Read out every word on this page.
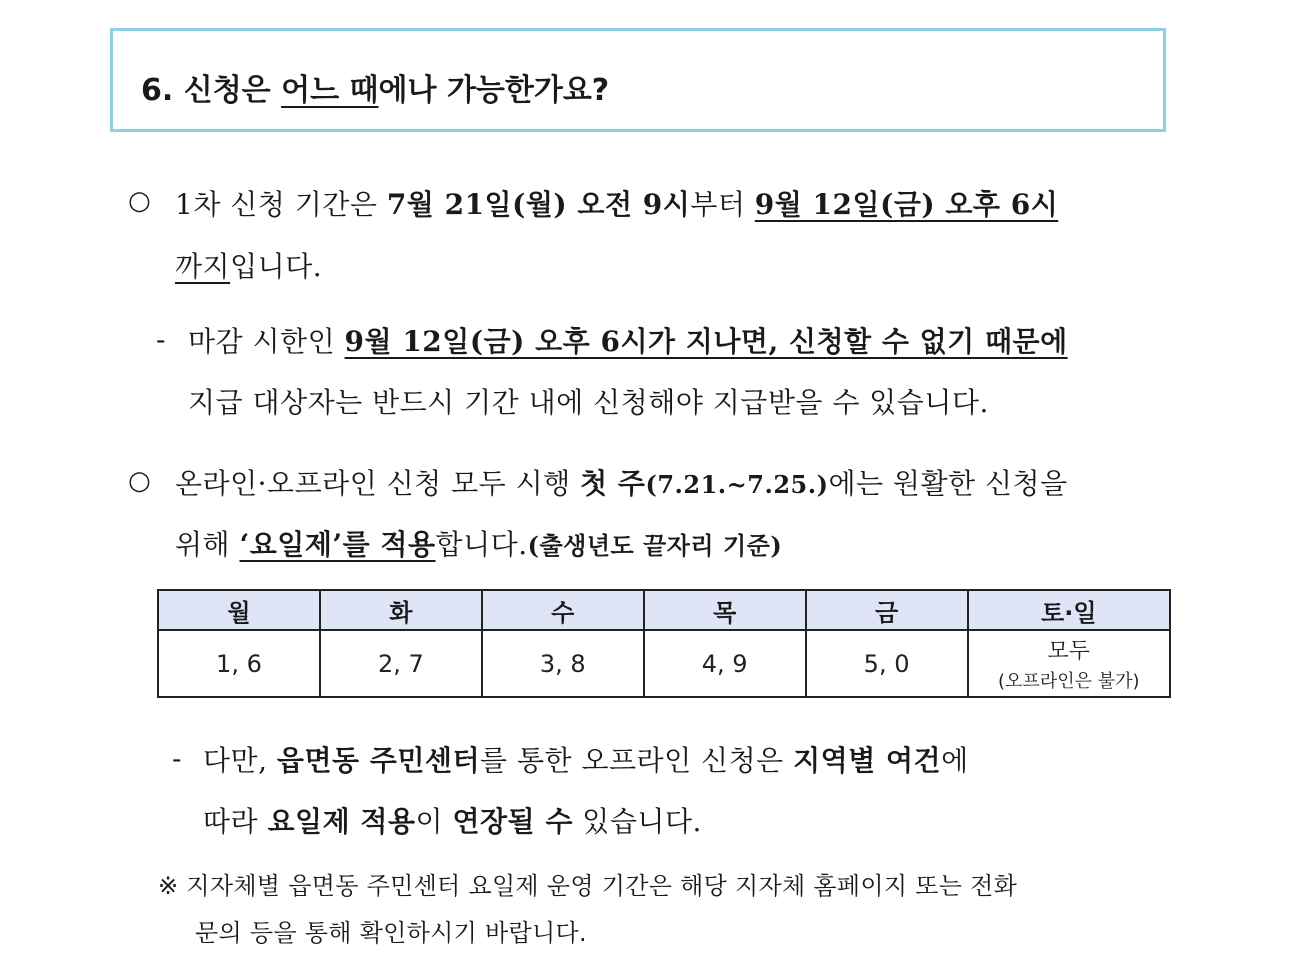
6. 신청은 어느 때에나 가능한가요?
○ 1차 신청 기간은 7월 21일(월) 오전 9시부터 9월 12일(금) 오후 6시
까지입니다.
- 마감 시한인 9월 12일(금) 오후 6시가 지나면, 신청할 수 없기 때문에
지급 대상자는 반드시 기간 내에 신청해야 지급받을 수 있습니다.
○ 온라인·오프라인 신청 모두 시행 첫 주(7.21.~7.25.)에는 원활한 신청을
위해 ‘요일제’를 적용합니다.(출생년도 끝자리 기준)
월	화	수	목	금	토·일
1, 6	2, 7	3, 8	4, 9	5, 0	모두
(오프라인은 불가)
- 다만, 읍면동 주민센터를 통한 오프라인 신청은 지역별 여건에
따라 요일제 적용이 연장될 수 있습니다.
※ 지자체별 읍면동 주민센터 요일제 운영 기간은 해당 지자체 홈페이지 또는 전화
문의 등을 통해 확인하시기 바랍니다.
